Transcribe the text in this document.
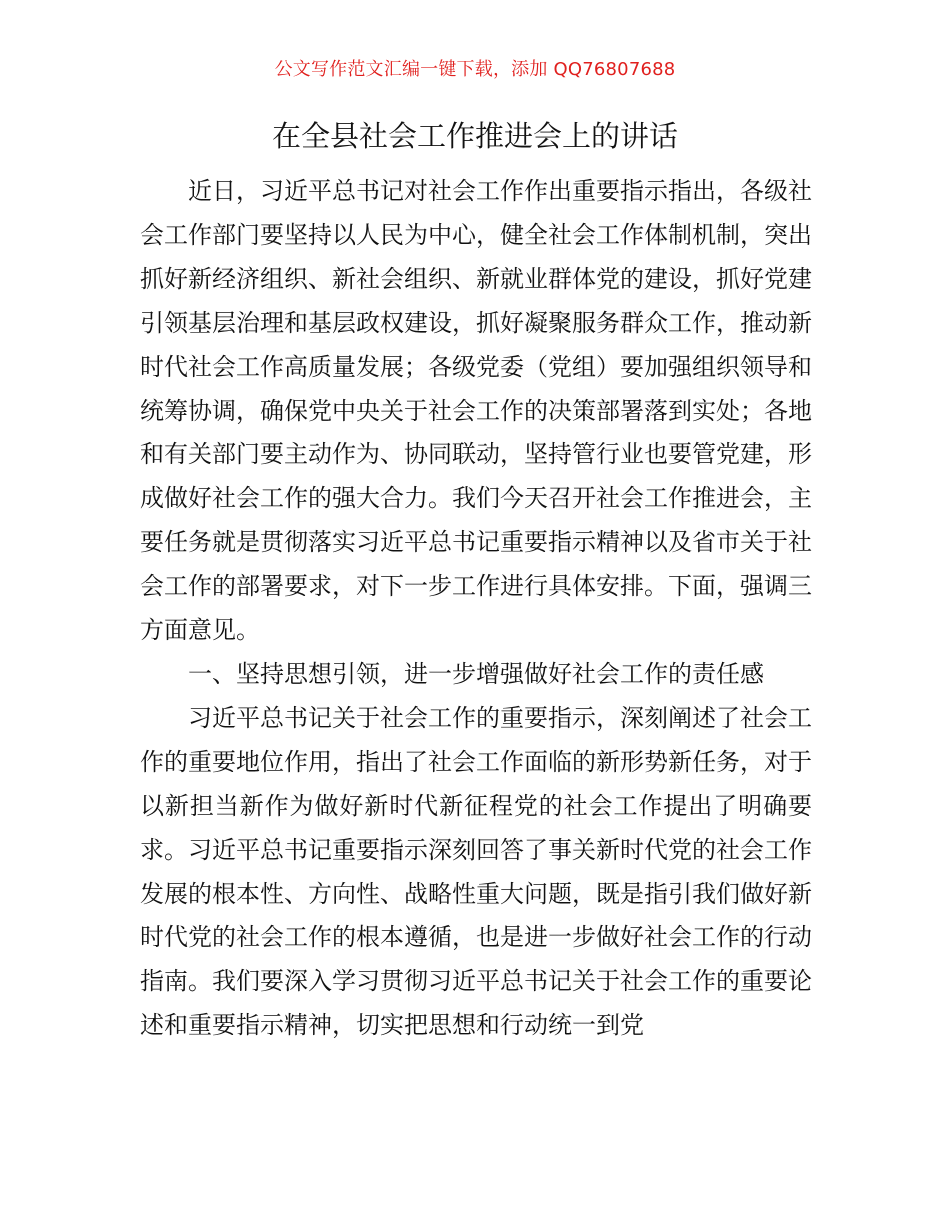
公文写作范文汇编一键下载，添加 QQ76807688
在全县社会工作推进会上的讲话

近日，习近平总书记对社会工作作出重要指示指出，各级社会工作部门要坚持以人民为中心，健全社会工作体制机制，突出抓好新经济组织、新社会组织、新就业群体党的建设，抓好党建引领基层治理和基层政权建设，抓好凝聚服务群众工作，推动新时代社会工作高质量发展；各级党委（党组）要加强组织领导和统筹协调，确保党中央关于社会工作的决策部署落到实处；各地和有关部门要主动作为、协同联动，坚持管行业也要管党建，形成做好社会工作的强大合力。我们今天召开社会工作推进会，主要任务就是贯彻落实习近平总书记重要指示精神以及省市关于社会工作的部署要求，对下一步工作进行具体安排。下面，强调三方面意见。

一、坚持思想引领，进一步增强做好社会工作的责任感

习近平总书记关于社会工作的重要指示，深刻阐述了社会工作的重要地位作用，指出了社会工作面临的新形势新任务，对于以新担当新作为做好新时代新征程党的社会工作提出了明确要求。习近平总书记重要指示深刻回答了事关新时代党的社会工作发展的根本性、方向性、战略性重大问题，既是指引我们做好新时代党的社会工作的根本遵循，也是进一步做好社会工作的行动指南。我们要深入学习贯彻习近平总书记关于社会工作的重要论述和重要指示精神，切实把思想和行动统一到党
